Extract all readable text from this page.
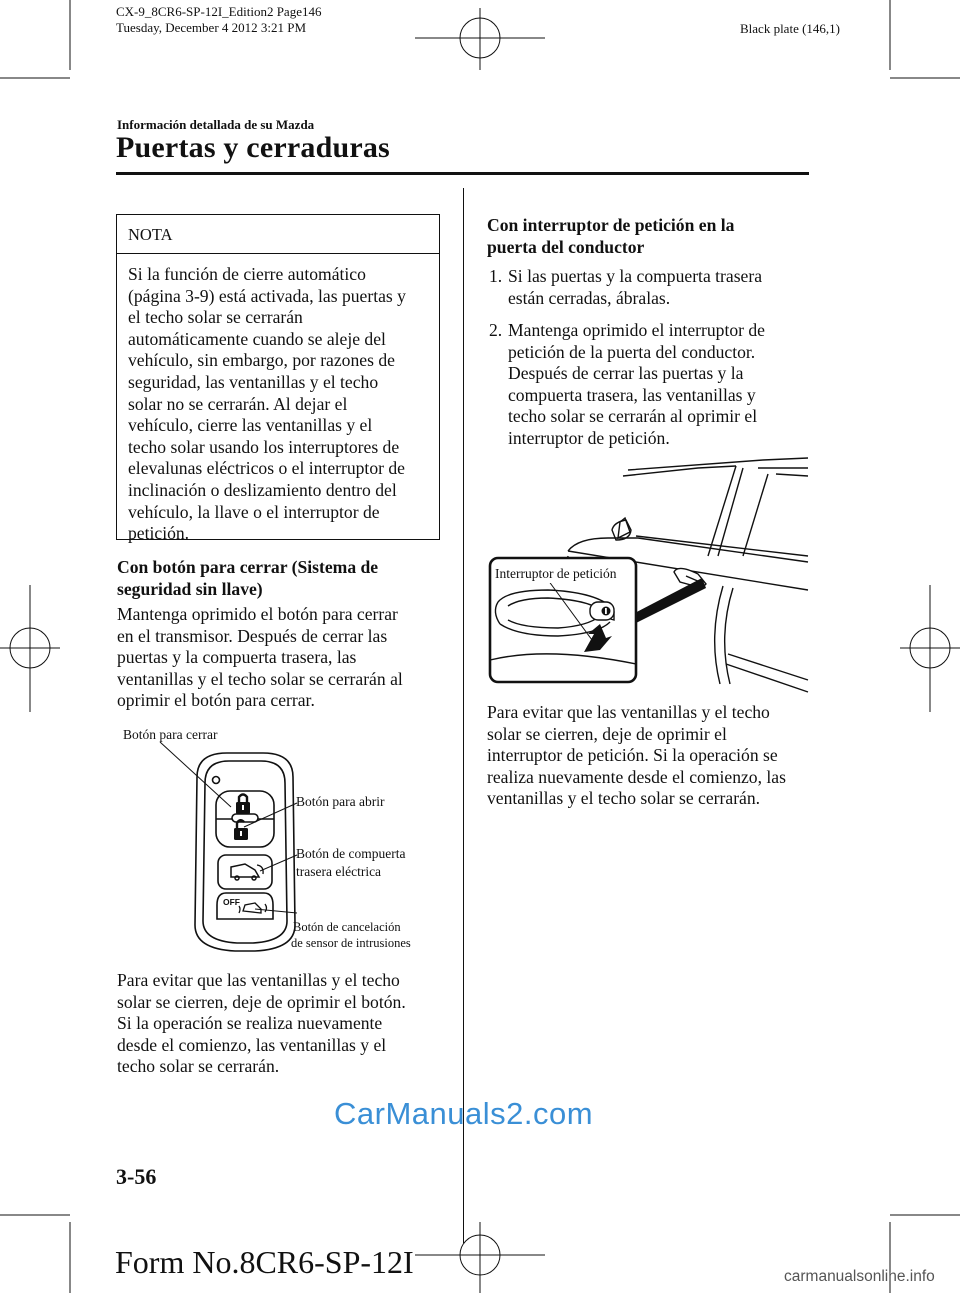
CX-9_8CR6-SP-12I_Edition2 Page146
Tuesday, December 4 2012 3:21 PM	Black plate (146,1)
Información detallada de su Mazda
Puertas y cerraduras
NOTA
Si la función de cierre automático
(página 3-9) está activada, las puertas y
el techo solar se cerrarán
automáticamente cuando se aleje del
vehículo, sin embargo, por razones de
seguridad, las ventanillas y el techo
solar no se cerrarán. Al dejar el
vehículo, cierre las ventanillas y el
techo solar usando los interruptores de
elevalunas eléctricos o el interruptor de
inclinación o deslizamiento dentro del
vehículo, la llave o el interruptor de
petición.
Con botón para cerrar (Sistema de
seguridad sin llave)
Mantenga oprimido el botón para cerrar
en el transmisor. Después de cerrar las
puertas y la compuerta trasera, las
ventanillas y el techo solar se cerrarán al
oprimir el botón para cerrar.
OFF
Botón para cerrar
Botón para abrir
Botón de compuerta
trasera eléctrica
Botón de cancelación
de sensor de intrusiones
Para evitar que las ventanillas y el techo
solar se cierren, deje de oprimir el botón.
Si la operación se realiza nuevamente
desde el comienzo, las ventanillas y el
techo solar se cerrarán.
Con interruptor de petición en la
puerta del conductor
1. Si las puertas y la compuerta trasera
están cerradas, ábralas.
2. Mantenga oprimido el interruptor de
petición de la puerta del conductor.
Después de cerrar las puertas y la
compuerta trasera, las ventanillas y
techo solar se cerrarán al oprimir el
interruptor de petición.
Interruptor de petición
Para evitar que las ventanillas y el techo
solar se cierren, deje de oprimir el
interruptor de petición. Si la operación se
realiza nuevamente desde el comienzo, las
ventanillas y el techo solar se cerrarán.
CarManuals2.com
3-56
Form No.8CR6-SP-12I	carmanualsonline.info
